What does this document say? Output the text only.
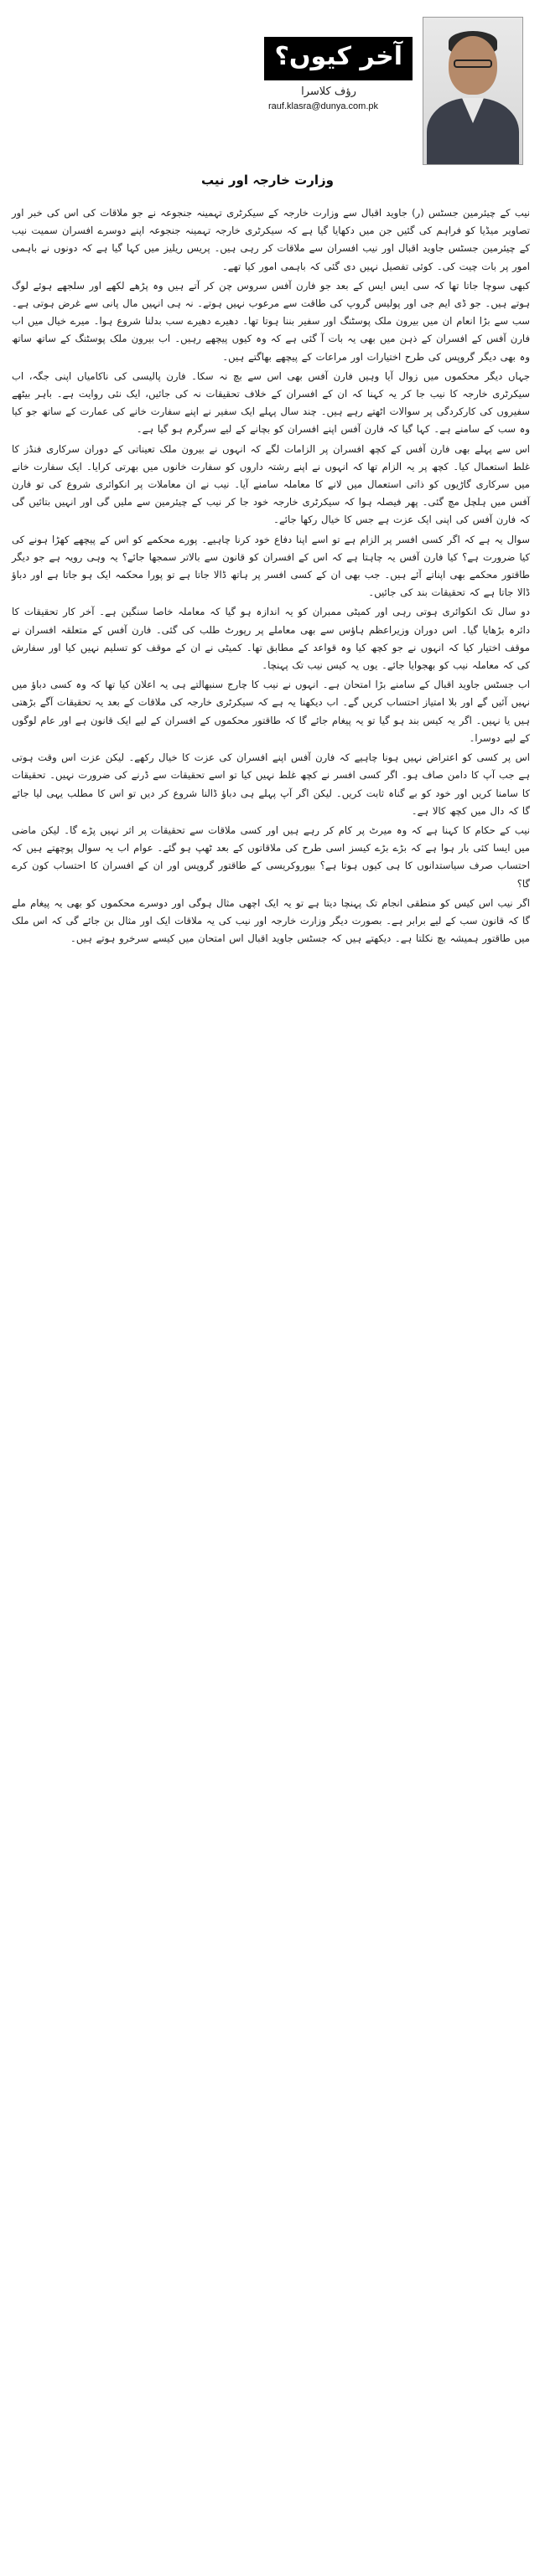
آخر کیوں؟
رؤف کلاسرا
rauf.klasra@dunya.com.pk
وزارت خارجہ اور نیب

نیب کے چیئرمین جسٹس (ر) جاوید اقبال سے وزارت خارجہ کے سیکرٹری تہمینہ جنجوعہ نے جو ملاقات کی اس کی خبر اور تصاویر میڈیا کو فراہم کی گئیں جن میں دکھایا گیا ہے کہ سیکرٹری خارجہ تہمینہ جنجوعہ اپنے دوسرے افسران سمیت نیب کے چیئرمین جسٹس جاوید اقبال اور نیب افسران سے ملاقات کر رہی ہیں۔ پریس ریلیز میں کہا گیا ہے کہ دونوں نے باہمی امور پر بات چیت کی۔ کوئی تفصیل نہیں دی گئی کہ باہمی امور کیا تھے۔

کبھی سوچا جاتا تھا کہ سی ایس ایس کے بعد جو فارن آفس سروس چن کر آتے ہیں وہ پڑھے لکھے اور سلجھے ہوئے لوگ ہوتے ہیں۔ جو ڈی ایم جی اور پولیس گروپ کی طاقت سے مرعوب نہیں ہوتے۔ نہ ہی انہیں مال پانی سے غرض ہوتی ہے۔ سب سے بڑا انعام ان میں بیرون ملک پوسٹنگ اور سفیر بننا ہوتا تھا۔ دھیرے دھیرے سب بدلنا شروع ہوا۔ میرے خیال میں اب فارن آفس کے افسران کے ذہن میں بھی یہ بات آ گئی ہے کہ وہ کیوں پیچھے رہیں۔ اب بیرون ملک پوسٹنگ کے ساتھ ساتھ وہ بھی دیگر گروپس کی طرح اختیارات اور مراعات کے پیچھے بھاگتے ہیں۔

جہاں دیگر محکموں میں زوال آیا وہیں فارن آفس بھی اس سے بچ نہ سکا۔ فارن پالیسی کی ناکامیاں اپنی جگہ، اب سیکرٹری خارجہ کا نیب جا کر یہ کہنا کہ ان کے افسران کے خلاف تحقیقات نہ کی جائیں، ایک نئی روایت ہے۔ باہر بیٹھے سفیروں کی کارکردگی پر سوالات اٹھتے رہے ہیں۔ چند سال پہلے ایک سفیر نے اپنے سفارت خانے کی عمارت کے ساتھ جو کیا وہ سب کے سامنے ہے۔ کہا گیا کہ فارن آفس اپنے افسران کو بچانے کے لیے سرگرم ہو گیا ہے۔

اس سے پہلے بھی فارن آفس کے کچھ افسران پر الزامات لگے کہ انہوں نے بیرون ملک تعیناتی کے دوران سرکاری فنڈز کا غلط استعمال کیا۔ کچھ پر یہ الزام تھا کہ انہوں نے اپنے رشتہ داروں کو سفارت خانوں میں بھرتی کرایا۔ ایک سفارت خانے میں سرکاری گاڑیوں کو ذاتی استعمال میں لانے کا معاملہ سامنے آیا۔ نیب نے ان معاملات پر انکوائری شروع کی تو فارن آفس میں ہلچل مچ گئی۔ پھر فیصلہ ہوا کہ سیکرٹری خارجہ خود جا کر نیب کے چیئرمین سے ملیں گی اور انہیں بتائیں گی کہ فارن آفس کی اپنی ایک عزت ہے جس کا خیال رکھا جائے۔

سوال یہ ہے کہ اگر کسی افسر پر الزام ہے تو اسے اپنا دفاع خود کرنا چاہیے۔ پورے محکمے کو اس کے پیچھے کھڑا ہونے کی کیا ضرورت ہے؟ کیا فارن آفس یہ چاہتا ہے کہ اس کے افسران کو قانون سے بالاتر سمجھا جائے؟ یہ وہی رویہ ہے جو دیگر طاقتور محکمے بھی اپناتے آئے ہیں۔ جب بھی ان کے کسی افسر پر ہاتھ ڈالا جاتا ہے تو پورا محکمہ ایک ہو جاتا ہے اور دباؤ ڈالا جاتا ہے کہ تحقیقات بند کی جائیں۔

دو سال تک انکوائری ہوتی رہی اور کمیٹی ممبران کو یہ اندازہ ہو گیا کہ معاملہ خاصا سنگین ہے۔ آخر کار تحقیقات کا دائرہ بڑھایا گیا۔ اس دوران وزیراعظم ہاؤس سے بھی معاملے پر رپورٹ طلب کی گئی۔ فارن آفس کے متعلقہ افسران نے موقف اختیار کیا کہ انہوں نے جو کچھ کیا وہ قواعد کے مطابق تھا۔ کمیٹی نے ان کے موقف کو تسلیم نہیں کیا اور سفارش کی کہ معاملہ نیب کو بھجوایا جائے۔ یوں یہ کیس نیب تک پہنچا۔

اب جسٹس جاوید اقبال کے سامنے بڑا امتحان ہے۔ انہوں نے نیب کا چارج سنبھالتے ہی یہ اعلان کیا تھا کہ وہ کسی دباؤ میں نہیں آئیں گے اور بلا امتیاز احتساب کریں گے۔ اب دیکھنا یہ ہے کہ سیکرٹری خارجہ کی ملاقات کے بعد یہ تحقیقات آگے بڑھتی ہیں یا نہیں۔ اگر یہ کیس بند ہو گیا تو یہ پیغام جائے گا کہ طاقتور محکموں کے افسران کے لیے ایک قانون ہے اور عام لوگوں کے لیے دوسرا۔

اس پر کسی کو اعتراض نہیں ہونا چاہیے کہ فارن آفس اپنے افسران کی عزت کا خیال رکھے۔ لیکن عزت اس وقت ہوتی ہے جب آپ کا دامن صاف ہو۔ اگر کسی افسر نے کچھ غلط نہیں کیا تو اسے تحقیقات سے ڈرنے کی ضرورت نہیں۔ تحقیقات کا سامنا کریں اور خود کو بے گناہ ثابت کریں۔ لیکن اگر آپ پہلے ہی دباؤ ڈالنا شروع کر دیں تو اس کا مطلب یہی لیا جائے گا کہ دال میں کچھ کالا ہے۔

نیب کے حکام کا کہنا ہے کہ وہ میرٹ پر کام کر رہے ہیں اور کسی ملاقات سے تحقیقات پر اثر نہیں پڑے گا۔ لیکن ماضی میں ایسا کئی بار ہوا ہے کہ بڑے بڑے کیسز اسی طرح کی ملاقاتوں کے بعد ٹھپ ہو گئے۔ عوام اب یہ سوال پوچھتے ہیں کہ احتساب صرف سیاستدانوں کا ہی کیوں ہوتا ہے؟ بیوروکریسی کے طاقتور گروپس اور ان کے افسران کا احتساب کون کرے گا؟

اگر نیب اس کیس کو منطقی انجام تک پہنچا دیتا ہے تو یہ ایک اچھی مثال ہوگی اور دوسرے محکموں کو بھی یہ پیغام ملے گا کہ قانون سب کے لیے برابر ہے۔ بصورت دیگر وزارت خارجہ اور نیب کی یہ ملاقات ایک اور مثال بن جائے گی کہ اس ملک میں طاقتور ہمیشہ بچ نکلتا ہے۔ دیکھتے ہیں کہ جسٹس جاوید اقبال اس امتحان میں کیسے سرخرو ہوتے ہیں۔
